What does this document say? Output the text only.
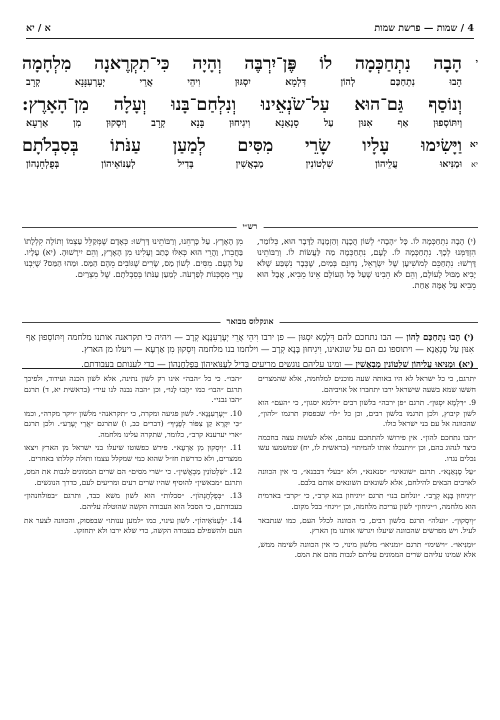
4 / שמות — פרשת שמות
א / יא
י
הָבָה נִתְחַכְּמָה לוֹ פֶּן־יִרְבֶּה וְהָיָה כִּי־תִקְרֶאנָה מִלְחָמָה
הָבוּ נִתְחַכַּם לְהוֹן דִּלְמָא יִסְגּוּן וִיהֵי אֲרֵי יְעָרְעִנָּנָא קְרָב
וְנוֹסַף גַּם־הוּא עַל־שֹׂנְאֵינוּ וְנִלְחַם־בָּנוּ וְעָלָה מִן־הָאָרֶץ:
וְיִתּוֹסְפוּן אַף אִנּוּן עַל סָנְאַנָא וִיגִיחוּן בָּנָא קְרָב וְיִסְקוּן מִן אַרְעָא
יא
וַיָּשִׂימוּ עָלָיו שָׂרֵי מִסִּים לְמַעַן עַנֹּתוֹ בְּסִבְלֹתָם
יא
וּמַנִּיאוּ עֲלֵיהוֹן שִׁלְטוֹנִין מַבְאֲשִׁין בְּדִיל לְעַנּוֹאֵיהוֹן בְּפֻלְחָנְהוֹן
רש״י
(י) הָבָה נִתְחַכְּמָה לוֹ. כָּל ״הָבָה״ לְשׁוֹן הֲכָנָה וְהַזְמָנָה לַדָּבָר הוּא, כְּלוֹמַר, הִזְדַּמְּנוּ לְכָךְ. נִתְחַכְּמָה לוֹ. לָעָם, נִתְחַכְּמָה מַה לַּעֲשׂוֹת לוֹ. וְרַבּוֹתֵינוּ דָּרְשׁוּ: נִתְחַכֵּם לְמוֹשִׁיעָן שֶׁל יִשְׂרָאֵל, נְדוּנֵם בְּמַיִם, שֶׁכְּבָר נִשְׁבַּע שֶׁלֹּא יָבִיא מַבּוּל לָעוֹלָם, וְהֵם לֹא הֵבִינוּ שֶׁעַל כָּל הָעוֹלָם אֵינוֹ מֵבִיא, אֲבָל הוּא מֵבִיא עַל אֻמָּה אַחַת.
מִן הָאָרֶץ. עַל כָּרְחֵנוּ, וְרַבּוֹתֵינוּ דָּרְשׁוּ: כְּאָדָם שֶׁמְּקַלֵּל עַצְמוֹ וְתוֹלֶה קִלְלָתוֹ בַּחֲבֵרוֹ, וַהֲרֵי הוּא כְּאִלּוּ כָּתַב וְעָלִינוּ מִן הָאָרֶץ, וְהֵם יִירָשׁוּהָ. (יא) עָלָיו. עַל הָעָם. מִסִּים. לְשׁוֹן מַס, שָׂרִים שֶׁגּוֹבִים מֵהֶם הַמַּס. וּמַהוּ הַמַּס? שֶׁיִּבְנוּ עָרֵי מִסְכְּנוֹת לְפַרְעֹה. לְמַעַן עַנֹּתוֹ בְּסִבְלֹתָם. שֶׁל מִצְרַיִם.
אונקלוס מבואר

(י) הָבוּ נִתְחַכַּם לְהוֹן — הבו נתחכם להם דִּלְמָא יִסְגּוּן — פן ירבו וִיהֵי אֲרֵי יְעָרְעִנָּנָא קְרָב — ויהיה כי תקראנה אותנו מלחמה וְיִתּוֹסְפוּן אַף אִנּוּן עַל סָנְאַנָא — ויתוספו גם הם על שונאינו, וִיגִיחוּן בָּנָא קְרָב — וילחמו בנו מלחמה וְיִסְקוּן מִן אַרְעָא — ויעלו מן הארץ.

(יא) וּמַנִּיאוּ עֲלֵיהוֹן שִׁלְטוֹנִין מַבְאֲשִׁין — ומינו עליהם נוגשים מריעים בְּדִיל לְעַנּוֹאֵיהוֹן בְּפֻלְחָנְהוֹן — כדי לענותם בעבודתם.

יתרגם, כי כל ישראל לא היו באותה שעה מוכנים למלחמה, אלא שהמצרים חששו שמא בשעה שישראל ירבו יתחברו אל אויביהם.

9. ״דִּלְמָא יִסְגּוּן״. תרגם ״פן ירבה״ בלשון רבים ״דלמא יסגון״, כי ״העם״ הוא לשון קיבוץ, ולכן תרגמו בלשון רבים, וכן כל ״לו״ שבפסוק תרגמו ״להון״, שהכוונה אל עם בני ישראל כולו.

״הבו נתחכם להון״. אין פירושו להתחכם עמהם, אלא לעשות עצה בחכמה כיצד לנהוג בהם, וכן ״ויתנכלו אותו להמיתו״ (בראשית לז, יח) שמשמעו עשו נכלים נגדו.

״עַל סָנְאַנָא״. תרגם ״שונאינו״ ״סנאנא״, ולא ״בעלי דבבנא״, כי אין הכוונה לאויבים הבאים להילחם, אלא לשונאים השונאים אותם בלבם.

״וִיגִיחוּן בָּנָא קְרָב״. ״ונלחם בנו״ תרגם ״ויגיחון בנא קרב״, כי ״קרב״ בארמית הוא מלחמה, ו״יגיחון״ לשון עריכת מלחמה, וכן ״ויגח״ בכל מקום.

״וְיִסְקוּן״. ״ועלה״ תרגם בלשון רבים, כי הכוונה לכלל העם, כמו שנתבאר לעיל. ויש מפרשים שהכוונה שיעלו ויגרשו אותנו מן הארץ.

״וּמַנִּיאוּ״. ״וישימו״ תרגם ״ומניאו״ מלשון מינוי, כי אין הכוונה לשימה ממש, אלא שמינו עליהם שרים הממונים עליהם לגבות מהם את המס.

״הבו״. כי כל ״הבה״ אינו רק לשון נתינה, אלא לשון הכנה ועידוד, ולפיכך תרגם ״הבו״ כמו ״הָבוּ לָנוּ״, וכן ״הבה נבנה לנו עיר״ (בראשית יא, ד) תרגם ״הבו נבני״.

10. ״יְעָרְעִנָּנָא״. לשון פגיעה ומקרה, כי ״תקראנה״ מלשון ״ויקר מקרה״, וכמו ״כִּי יִקָּרֵא קַן צִפּוֹר לְפָנֶיךָ״ (דברים כב, ו) שתרגם ״אֲרֵי יְעָרַע״. ולכן תרגם ״ארי יערענא קרב״, כלומר, שתקרה עלינו מלחמה.

11. ״וְיִסְקוּן מִן אַרְעָא״. פירש כפשוטו שיעלו בני ישראל מן הארץ ויצאו ממצרים, ולא כדרשת חז״ל שהוא כמי שמקלל עצמו ותולה קללתו באחרים.

12. ״שִׁלְטוֹנִין מַבְאֲשִׁין״. כי ״שרי מסים״ הם שרים הממונים לגבות את המס, ותרגם ״מבאשין״ להוסיף שהיו שרים רעים ומריעים לעם, כדרך הנוגשים.

13. ״בְּפֻלְחָנְהוֹן״. ״סבלות״ הוא לשון משא כבד, ותרגם ״בפולחנהון״ בעבודתם, כי הסבל הוא העבודה הקשה שהוטלה עליהם.

14. ״לְעַנּוֹאֵיהוֹן״. לשון עינוי, כמו ״למען ענותו״ שבפסוק, והכוונה לצער את העם ולהשפילם בעבודה הקשה, כדי שלא ירבו ולא יתחזקו.
